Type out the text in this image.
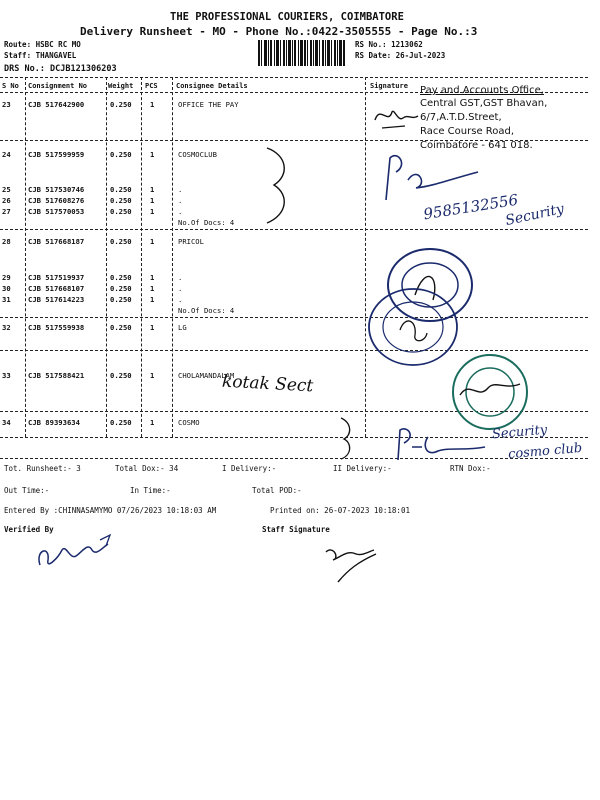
THE PROFESSIONAL COURIERS, COIMBATORE
Delivery Runsheet - MO - Phone No.:0422-3505555 - Page No.:3
Route: HSBC RC MO
Staff: THANGAVEL
DRS No.: DCJB121306203
RS No.: 1213062
RS Date: 26-Jul-2023
S No Consignment No	Weight PCS	Consignee Details	Signature
23 CJB 517642900	0.250	1	OFFICE THE PAY
24 CJB 517599959	0.250	1	COSMOCLUB
25 CJB 517530746	0.250	1	.
26 CJB 517608276	0.250	1	.
27 CJB 517570053	0.250	1	.
No.Of Docs: 4
28 CJB 517668187	0.250	1	PRICOL
29 CJB 517519937	0.250	1	.
30 CJB 517668107	0.250	1	.
31 CJB 517614223	0.250	1	.
No.Of Docs: 4
32 CJB 517559938	0.250	1	LG
33 CJB 517588421	0.250	1	CHOLAMANDALAM
34 CJB 89393634	0.250	1	COSMO
Pay and Accounts Office,
Central GST,GST Bhavan,
6/7,A.T.D.Street,
Race Course Road,
Coimbatore - 641 018.
9585132556
Security
kotak Sect
Security
cosmo club
Tot. Runsheet:- 3	Total Dox:- 34	I Delivery:-	II Delivery:-	RTN Dox:-
Out Time:-	In Time:-	Total POD:-
Entered By :CHINNASAMYMO 07/26/2023 10:18:03 AM	Printed on: 26-07-2023 10:18:01
Verified By	Staff Signature
